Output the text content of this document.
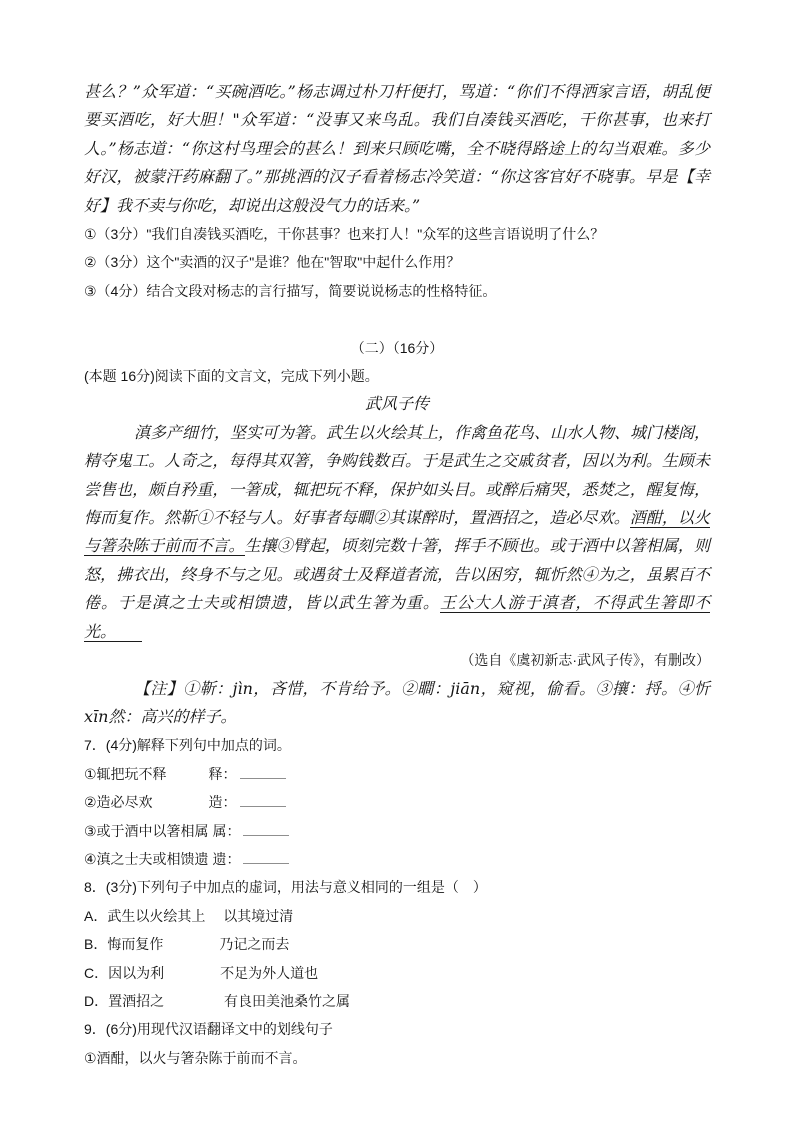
甚么？”众军道：“买碗酒吃。”杨志调过朴刀杆便打，骂道：“你们不得洒家言语，胡乱便要买酒吃，好大胆！"众军道：“没事又来鸟乱。我们自凑钱买酒吃，干你甚事，也来打人。”杨志道：“你这村鸟理会的甚么！到来只顾吃嘴，全不晓得路途上的勾当艰难。多少好汉，被蒙汗药麻翻了。”那挑酒的汉子看着杨志冷笑道：“你这客官好不晓事。早是【幸好】我不卖与你吃，却说出这般没气力的话来。”

①（3分）"我们自凑钱买酒吃，干你甚事？也来打人！"众军的这些言语说明了什么？

②（3分）这个"卖酒的汉子"是谁？他在"智取"中起什么作用？

③（4分）结合文段对杨志的言行描写，简要说说杨志的性格特征。

（二）（16分）

(本题 16分)阅读下面的文言文，完成下列小题。

武风子传

滇多产细竹，坚实可为箸。武生以火绘其上，作禽鱼花鸟、山水人物、城门楼阁，精夺鬼工。人奇之，每得其双箸，争购钱数百。于是武生之交戚贫者，因以为利。生顾未尝售也，颇自矜重，一箸成，辄把玩不释，保护如头目。或醉后痛哭，悉焚之，醒复悔，悔而复作。然靳①不轻与人。好事者每瞷②其谋醉时，置酒招之，造必尽欢。酒酣，以火与箸杂陈于前而不言。生攘③臂起，顷刻完数十箸，挥手不顾也。或于酒中以箸相属，则怒，拂衣出，终身不与之见。或遇贫士及释道者流，告以困穷，辄忻然④为之，虽累百不倦。于是滇之士夫或相馈遗，皆以武生箸为重。王公大人游于滇者，不得武生箸即不光。

（选自《虞初新志·武风子传》，有删改）

【注】①靳：jìn，吝惜，不肯给予。②瞷：jiān，窥视，偷看。③攘：捋。④忻xīn然：高兴的样子。

7．(4分)解释下列句中加点的词。

①辄把玩不释　　　释：

②造必尽欢　　　　造：

③或于酒中以箸相属 属：

④滇之士夫或相馈遗 遗：

8．(3分)下列句子中加点的虚词，用法与意义相同的一组是（　）

A．武生以火绘其上　 以其境过清

B．悔而复作　　　　乃记之而去

C．因以为利　　　　不足为外人道也

D．置酒招之　　　　 有良田美池桑竹之属

9．(6分)用现代汉语翻译文中的划线句子

①酒酣，以火与箸杂陈于前而不言。
